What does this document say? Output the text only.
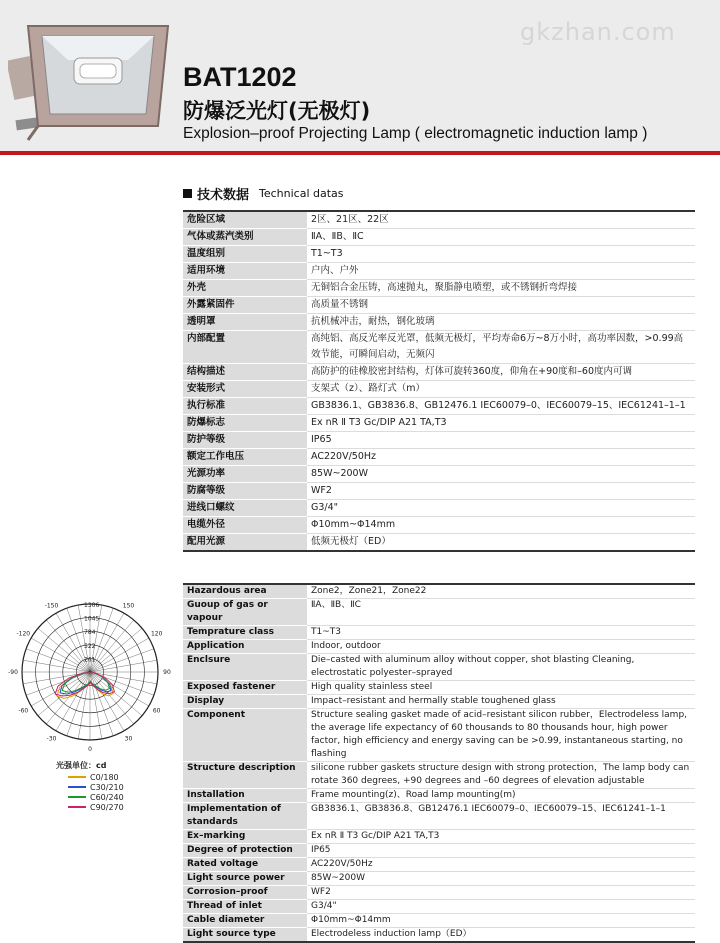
gkzhan.com
BAT1202
防爆泛光灯(无极灯)
Explosion–proof Projecting Lamp ( electromagnetic induction lamp )
技术数据 Technical datas
危险区域	2区、21区、22区
气体或蒸汽类别	ⅡA、ⅡB、ⅡC
温度组别	T1~T3
适用环境	户内、户外
外壳	无铜铝合金压铸，高速抛丸，聚脂静电喷塑，或不锈钢折弯焊接
外露紧固件	高质量不锈钢
透明罩	抗机械冲击，耐热，钢化玻璃
内部配置	高纯铝、高反光率反光罩，低频无极灯，平均寿命6万~8万小时，高功率因数，>0.99高效节能，可瞬间启动，无频闪
结构描述	高防护的硅橡胶密封结构，灯体可旋转360度，仰角在+90度和–60度内可调
安装形式	支架式（z）、路灯式（m）
执行标准	GB3836.1、GB3836.8、GB12476.1 IEC60079–0、IEC60079–15、IEC61241–1–1
防爆标志	Ex nR Ⅱ T3 Gc/DIP A21 TA,T3
防护等级	IP65
额定工作电压	AC220V/50Hz
光源功率	85W~200W
防腐等级	WF2
进线口螺纹	G3/4"
电缆外径	Φ10mm~Φ14mm
配用光源	低频无极灯（ED）
1306
1045
784
522
261
-150	150
-120	120
-90	90
-60	60
-30	30
0
光强单位：cd
C0/180
C30/210
C60/240
C90/270
Hazardous area	Zone2，Zone21，Zone22
Guoup of gas or vapour	ⅡA、ⅡB、ⅡC
Temprature class	T1~T3
Application	Indoor, outdoor
Enclsure	Die–casted with aluminum alloy without copper, shot blasting Cleaning, electrostatic polyester–sprayed
Exposed fastener	High quality stainless steel
Display	Impact–resistant and hermally stable toughened glass
Component	Structure sealing gasket made of acid–resistant silicon rubber，Electrodeless lamp, the average life expectancy of 60 thousands to 80 thousands hour, high power factor, high efficiency and energy saving can be >0.99, instantaneous starting, no flashing
Structure description	silicone rubber gaskets structure design with strong protection，The lamp body can rotate 360 degrees, +90 degrees and –60 degrees of elevation adjustable
Installation	Frame mounting(z)、Road lamp mounting(m)
Implementation of standards	GB3836.1、GB3836.8、GB12476.1 IEC60079–0、IEC60079–15、IEC61241–1–1
Ex–marking	Ex nR Ⅱ T3 Gc/DIP A21 TA,T3
Degree of protection	IP65
Rated voltage	AC220V/50Hz
Light source power	85W~200W
Corrosion–proof	WF2
Thread of inlet	G3/4"
Cable diameter	Φ10mm~Φ14mm
Light source type	Electrodeless induction lamp（ED）
